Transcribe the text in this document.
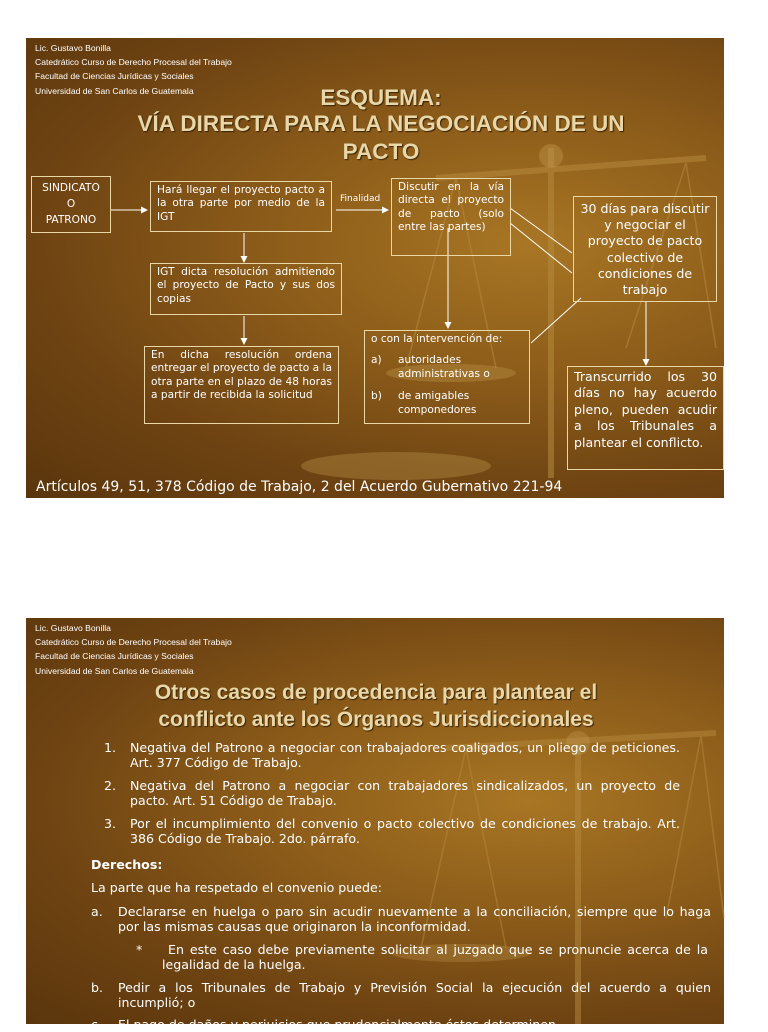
Lic. Gustavo Bonilla
Catedrático Curso de Derecho Procesal del Trabajo
Facultad de Ciencias Jurídicas y Sociales
Universidad de San Carlos de Guatemala	ESQUEMA:
VÍA DIRECTA PARA LA NEGOCIACIÓN DE UN
PACTO

SINDICATO

O

PATRONO

Hará llegar el proyecto pacto a la otra parte por medio de la IGT
Finalidad
Discutir en la vía directa el proyecto de pacto (solo entre las partes)
30 días para discutir y negociar el proyecto de pacto colectivo de condiciones de trabajo
IGT dicta resolución admitiendo el proyecto de Pacto y sus dos copias

o con la intervención de:

a)	autoridades administrativas o
b)	de amigables componedores
En dicha resolución ordena entregar el proyecto de pacto a la otra parte en el plazo de 48 horas a partir de recibida la solicitud
Transcurrido los 30 días no hay acuerdo pleno, pueden acudir a los Tribunales a plantear el conflicto.
Artículos 49, 51, 378 Código de Trabajo, 2 del Acuerdo Gubernativo 221-94
Lic. Gustavo Bonilla
Catedrático Curso de Derecho Procesal del Trabajo
Facultad de Ciencias Jurídicas y Sociales
Universidad de San Carlos de Guatemala
Otros casos de procedencia para plantear el
conflicto ante los Órganos Jurisdiccionales
1. Negativa del Patrono a negociar con trabajadores coaligados, un pliego de peticiones. Art. 377 Código de Trabajo.
2. Negativa del Patrono a negociar con trabajadores sindicalizados, un proyecto de pacto. Art. 51 Código de Trabajo.
3. Por el incumplimiento del convenio o pacto colectivo de condiciones de trabajo. Art. 386 Código de Trabajo. 2do. párrafo.
Derechos:
La parte que ha respetado el convenio puede:
a. Declararse en huelga o paro sin acudir nuevamente a la conciliación, siempre que lo haga por las mismas causas que originaron la inconformidad.
*	En este caso debe previamente solicitar al juzgado que se pronuncie acerca de la legalidad de la huelga.
b. Pedir a los Tribunales de Trabajo y Previsión Social la ejecución del acuerdo a quien incumplió; o
c. El pago de daños y perjuicios que prudencialmente éstos determinen.
